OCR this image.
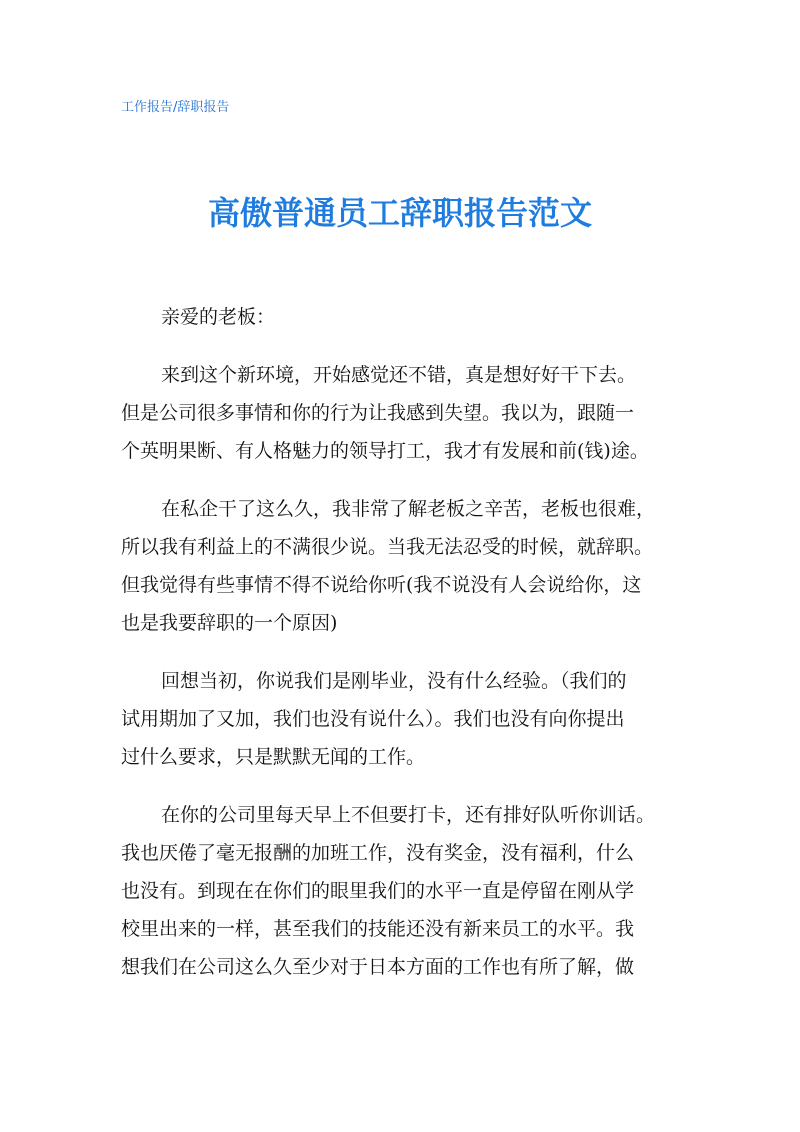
工作报告/辞职报告
高傲普通员工辞职报告范文
亲爱的老板：
来到这个新环境，开始感觉还不错，真是想好好干下去。
但是公司很多事情和你的行为让我感到失望。我以为，跟随一
个英明果断、有人格魅力的领导打工，我才有发展和前(钱)途。
在私企干了这么久，我非常了解老板之辛苦，老板也很难，
所以我有利益上的不满很少说。当我无法忍受的时候，就辞职。
但我觉得有些事情不得不说给你听(我不说没有人会说给你，这
也是我要辞职的一个原因)
回想当初，你说我们是刚毕业，没有什么经验。（我们的
试用期加了又加，我们也没有说什么）。我们也没有向你提出
过什么要求，只是默默无闻的工作。
在你的公司里每天早上不但要打卡，还有排好队听你训话。
我也厌倦了毫无报酬的加班工作，没有奖金，没有福利，什么
也没有。到现在在你们的眼里我们的水平一直是停留在刚从学
校里出来的一样，甚至我们的技能还没有新来员工的水平。我
想我们在公司这么久至少对于日本方面的工作也有所了解，做
